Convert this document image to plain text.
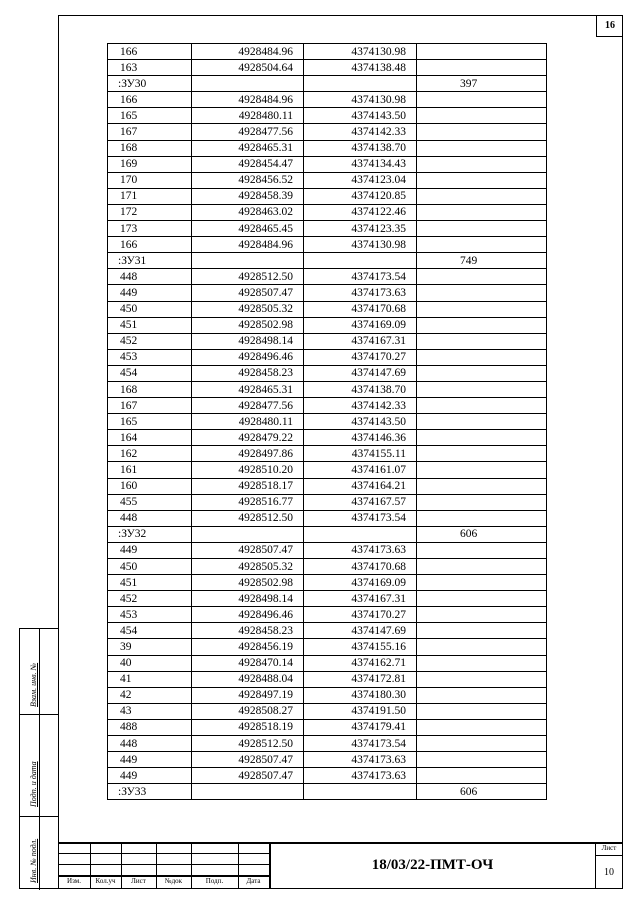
16
166	4928484.96	4374130.98	
163	4928504.64	4374138.48	
:ЗУ30			397
166	4928484.96	4374130.98	
165	4928480.11	4374143.50	
167	4928477.56	4374142.33	
168	4928465.31	4374138.70	
169	4928454.47	4374134.43	
170	4928456.52	4374123.04	
171	4928458.39	4374120.85	
172	4928463.02	4374122.46	
173	4928465.45	4374123.35	
166	4928484.96	4374130.98	
:ЗУ31			749
448	4928512.50	4374173.54	
449	4928507.47	4374173.63	
450	4928505.32	4374170.68	
451	4928502.98	4374169.09	
452	4928498.14	4374167.31	
453	4928496.46	4374170.27	
454	4928458.23	4374147.69	
168	4928465.31	4374138.70	
167	4928477.56	4374142.33	
165	4928480.11	4374143.50	
164	4928479.22	4374146.36	
162	4928497.86	4374155.11	
161	4928510.20	4374161.07	
160	4928518.17	4374164.21	
455	4928516.77	4374167.57	
448	4928512.50	4374173.54	
:ЗУ32			606
449	4928507.47	4374173.63	
450	4928505.32	4374170.68	
451	4928502.98	4374169.09	
452	4928498.14	4374167.31	
453	4928496.46	4374170.27	
454	4928458.23	4374147.69	
39	4928456.19	4374155.16	
40	4928470.14	4374162.71	
41	4928488.04	4374172.81	
42	4928497.19	4374180.30	
43	4928508.27	4374191.50	
488	4928518.19	4374179.41	
448	4928512.50	4374173.54	
449	4928507.47	4374173.63	
449	4928507.47	4374173.63	
:ЗУ33			606
Взам. инв. №
Подп. и дата
Инв. № подл.	Изм.	Кол.уч	Лист	№док	Подп.	Дата
18/03/22-ПМТ-ОЧ
Лист
10
